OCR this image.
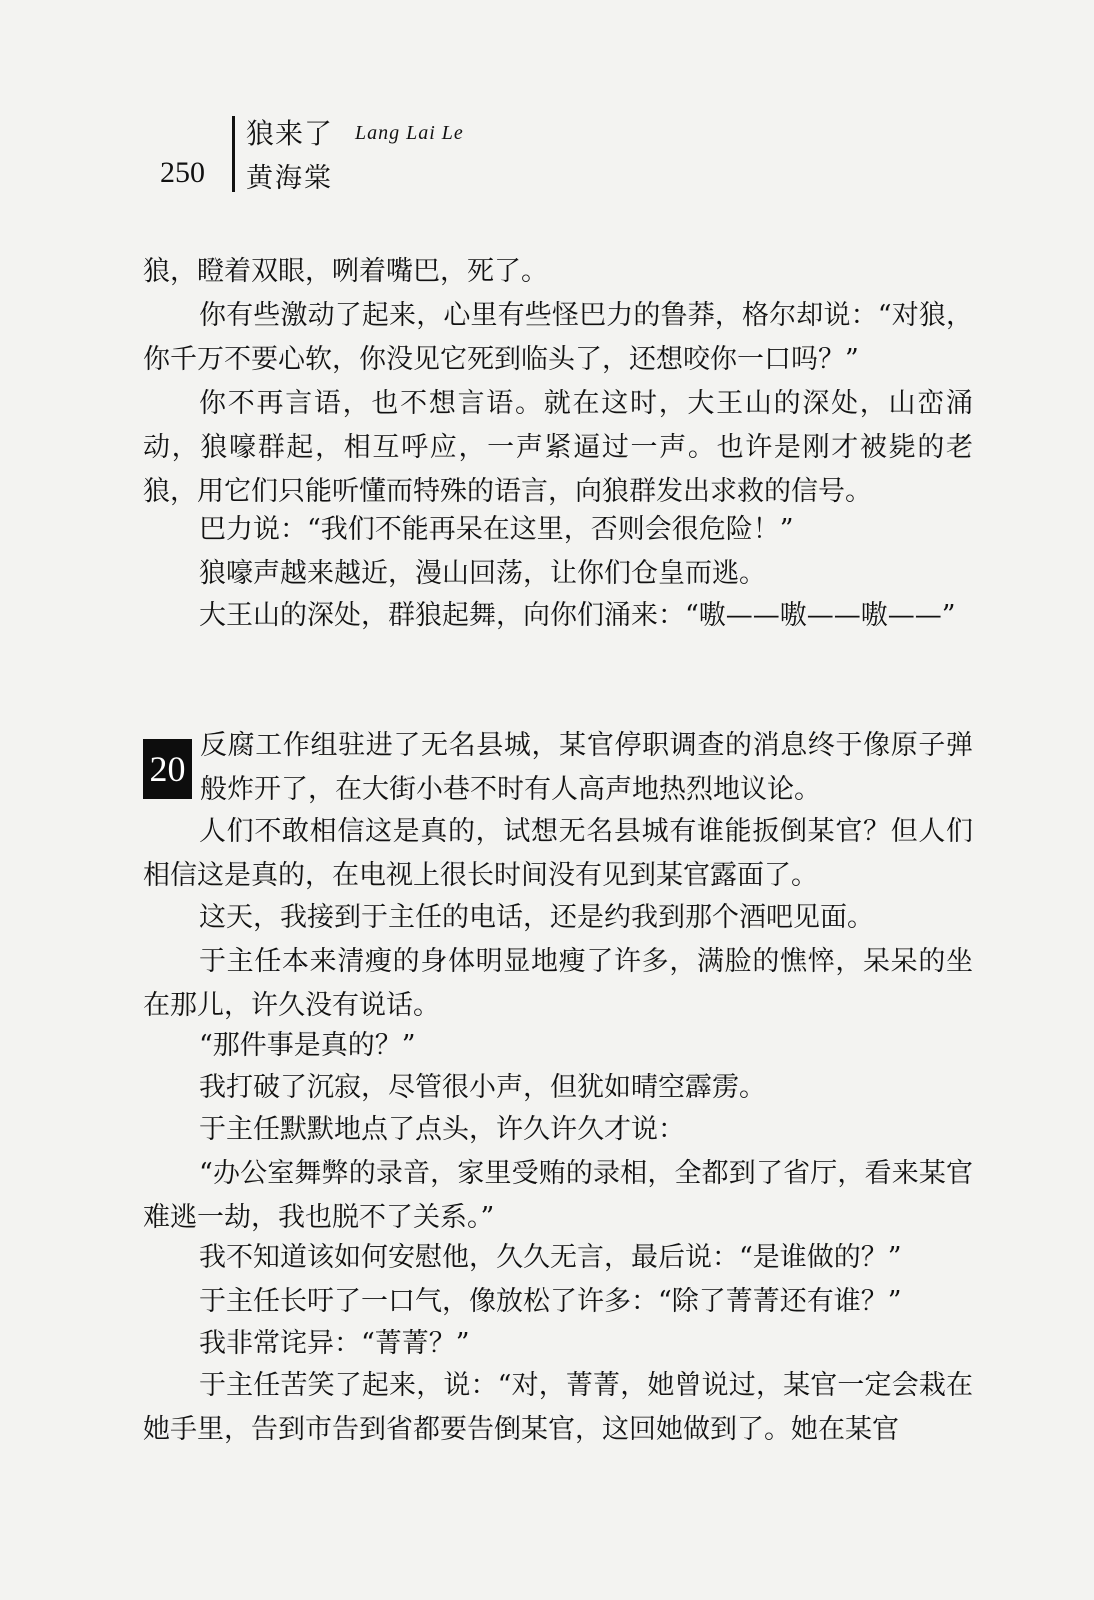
250
狼来了 Lang Lai Le
黄海棠

狼，瞪着双眼，咧着嘴巴，死了。

你有些激动了起来，心里有些怪巴力的鲁莽，格尔却说：“对狼，你千万不要心软，你没见它死到临头了，还想咬你一口吗？”

你不再言语，也不想言语。就在这时，大王山的深处，山峦涌动，狼嚎群起，相互呼应，一声紧逼过一声。也许是刚才被毙的老狼，用它们只能听懂而特殊的语言，向狼群发出求救的信号。

巴力说：“我们不能再呆在这里，否则会很危险！”

狼嚎声越来越近，漫山回荡，让你们仓皇而逃。

大王山的深处，群狼起舞，向你们涌来：“嗷——嗷——嗷——”

20

反腐工作组驻进了无名县城，某官停职调查的消息终于像原子弹般炸开了，在大街小巷不时有人高声地热烈地议论。

人们不敢相信这是真的，试想无名县城有谁能扳倒某官？但人们相信这是真的，在电视上很长时间没有见到某官露面了。

这天，我接到于主任的电话，还是约我到那个酒吧见面。

于主任本来清瘦的身体明显地瘦了许多，满脸的憔悴，呆呆的坐在那儿，许久没有说话。

“那件事是真的？”

我打破了沉寂，尽管很小声，但犹如晴空霹雳。

于主任默默地点了点头，许久许久才说：

“办公室舞弊的录音，家里受贿的录相，全都到了省厅，看来某官难逃一劫，我也脱不了关系。”

我不知道该如何安慰他，久久无言，最后说：“是谁做的？”

于主任长吁了一口气，像放松了许多：“除了菁菁还有谁？”

我非常诧异：“菁菁？”

于主任苦笑了起来，说：“对，菁菁，她曾说过，某官一定会栽在她手里，告到市告到省都要告倒某官，这回她做到了。她在某官
